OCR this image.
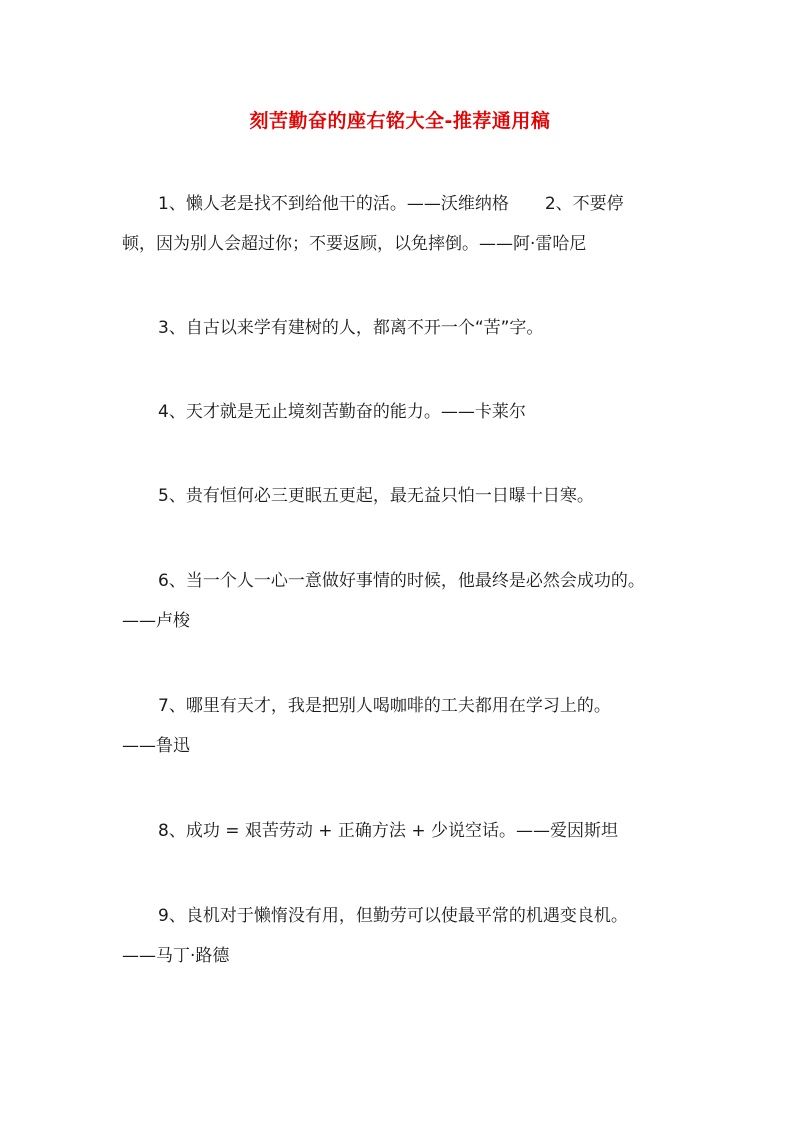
刻苦勤奋的座右铭大全-推荐通用稿

1、懒人老是找不到给他干的活。——沃维纳格 2、不要停
顿，因为别人会超过你；不要返顾，以免摔倒。——阿·雷哈尼

3、自古以来学有建树的人，都离不开一个“苦”字。

4、天才就是无止境刻苦勤奋的能力。——卡莱尔

5、贵有恒何必三更眠五更起，最无益只怕一日曝十日寒。

6、当一个人一心一意做好事情的时候，他最终是必然会成功的。
——卢梭

7、哪里有天才，我是把别人喝咖啡的工夫都用在学习上的。
——鲁迅

8、成功 = 艰苦劳动 + 正确方法 + 少说空话。——爱因斯坦

9、良机对于懒惰没有用，但勤劳可以使最平常的机遇变良机。
——马丁·路德
